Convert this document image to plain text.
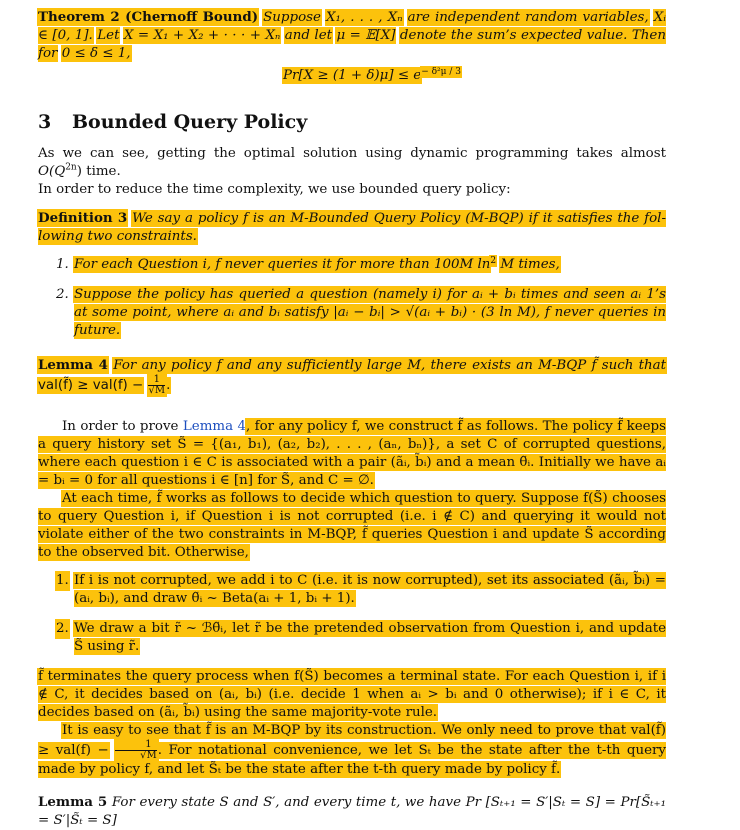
Theorem 2 (Chernoff Bound) Suppose X₁, . . . , Xₙ are independent random variables, Xᵢ ∈ [0, 1]. Let X = X₁ + X₂ + · · · + Xₙ and let μ = 𝔼[X] denote the sum’s expected value. Then for 0 ≤ δ ≤ 1,

$Pr[X \ge (1 + \delta)\mu] \le e^{- \delta^2\mu / 3}$
3 Bounded Query Policy

As we can see, getting the optimal solution using dynamic programming takes almost $O(Q^{2n})$ time.
In order to reduce the time complexity, we use bounded query policy:

Definition 3 We say a policy f is an M-Bounded Query Policy (M-BQP) if it satisfies the fol- lowing two constraints.

1. For each Question i, f never queries it for more than 100M $\ln^2 M$ times,
2. Suppose the policy has queried a question (namely i) for aᵢ + bᵢ times and seen aᵢ 1’s at some point, where aᵢ and bᵢ satisfy |aᵢ − bᵢ| > √(aᵢ + bᵢ) · (3 ln M), f never queries in future.

Lemma 4 For any policy f and any sufficiently large M, there exists an M-BQP f̃ such that val(f̃) ≥ $val(f) - \frac{1}{√M}$ .

In order to prove Lemma 4, for any policy f, we construct f̃ as follows. The policy f̃ keeps a query history set S̃ = {(a₁, b₁), (a₂, b₂), . . . , (aₙ, bₙ)}, a set C of corrupted questions, where each question i ∈ C is associated with a pair (ãᵢ, b̃ᵢ) and a mean θ̃ᵢ. Initially we have aᵢ = bᵢ = 0 for all questions i ∈ [n] for S̃, and C = ∅.

At each time, f̃ works as follows to decide which question to query. Suppose f(S̃) chooses to query Question i, if Question i is not corrupted (i.e. i ∉ C) and querying it would not violate either of the two constraints in M-BQP, f̃ queries Question i and update S̃ according to the observed bit. Otherwise,

1. If i is not corrupted, we add i to C (i.e. it is now corrupted), set its associated (ãᵢ, b̃ᵢ) = (aᵢ, bᵢ), and draw θ̃ᵢ ~ Beta(aᵢ + 1, bᵢ + 1).
2. We draw a bit r̃ ~ ℬθ̃ᵢ, let r̃ be the pretended observation from Question i, and update S̃ using r̃.

f̃ terminates the query process when f(S̃) becomes a terminal state. For each Question i, if i ∉ C, it decides based on (aᵢ, bᵢ) (i.e. decide 1 when aᵢ > bᵢ and 0 otherwise); if i ∈ C, it decides based on (ãᵢ, b̃ᵢ) using the same majority-vote rule.

It is easy to see that f̃ is an M-BQP by its construction. We only need to prove that val(f̃) ≥ $val(f) - \frac{1}{√M}$ . For notational convenience, we let Sₜ be the state after the t-th query made by policy f, and let S̃ₜ be the state after the t-th query made by policy f̃.

Lemma 5 For every state S and S′, and every time t, we have Pr [Sₜ₊₁ = S′|Sₜ = S] = Pr[S̃ₜ₊₁ = S′|S̃ₜ = S]
